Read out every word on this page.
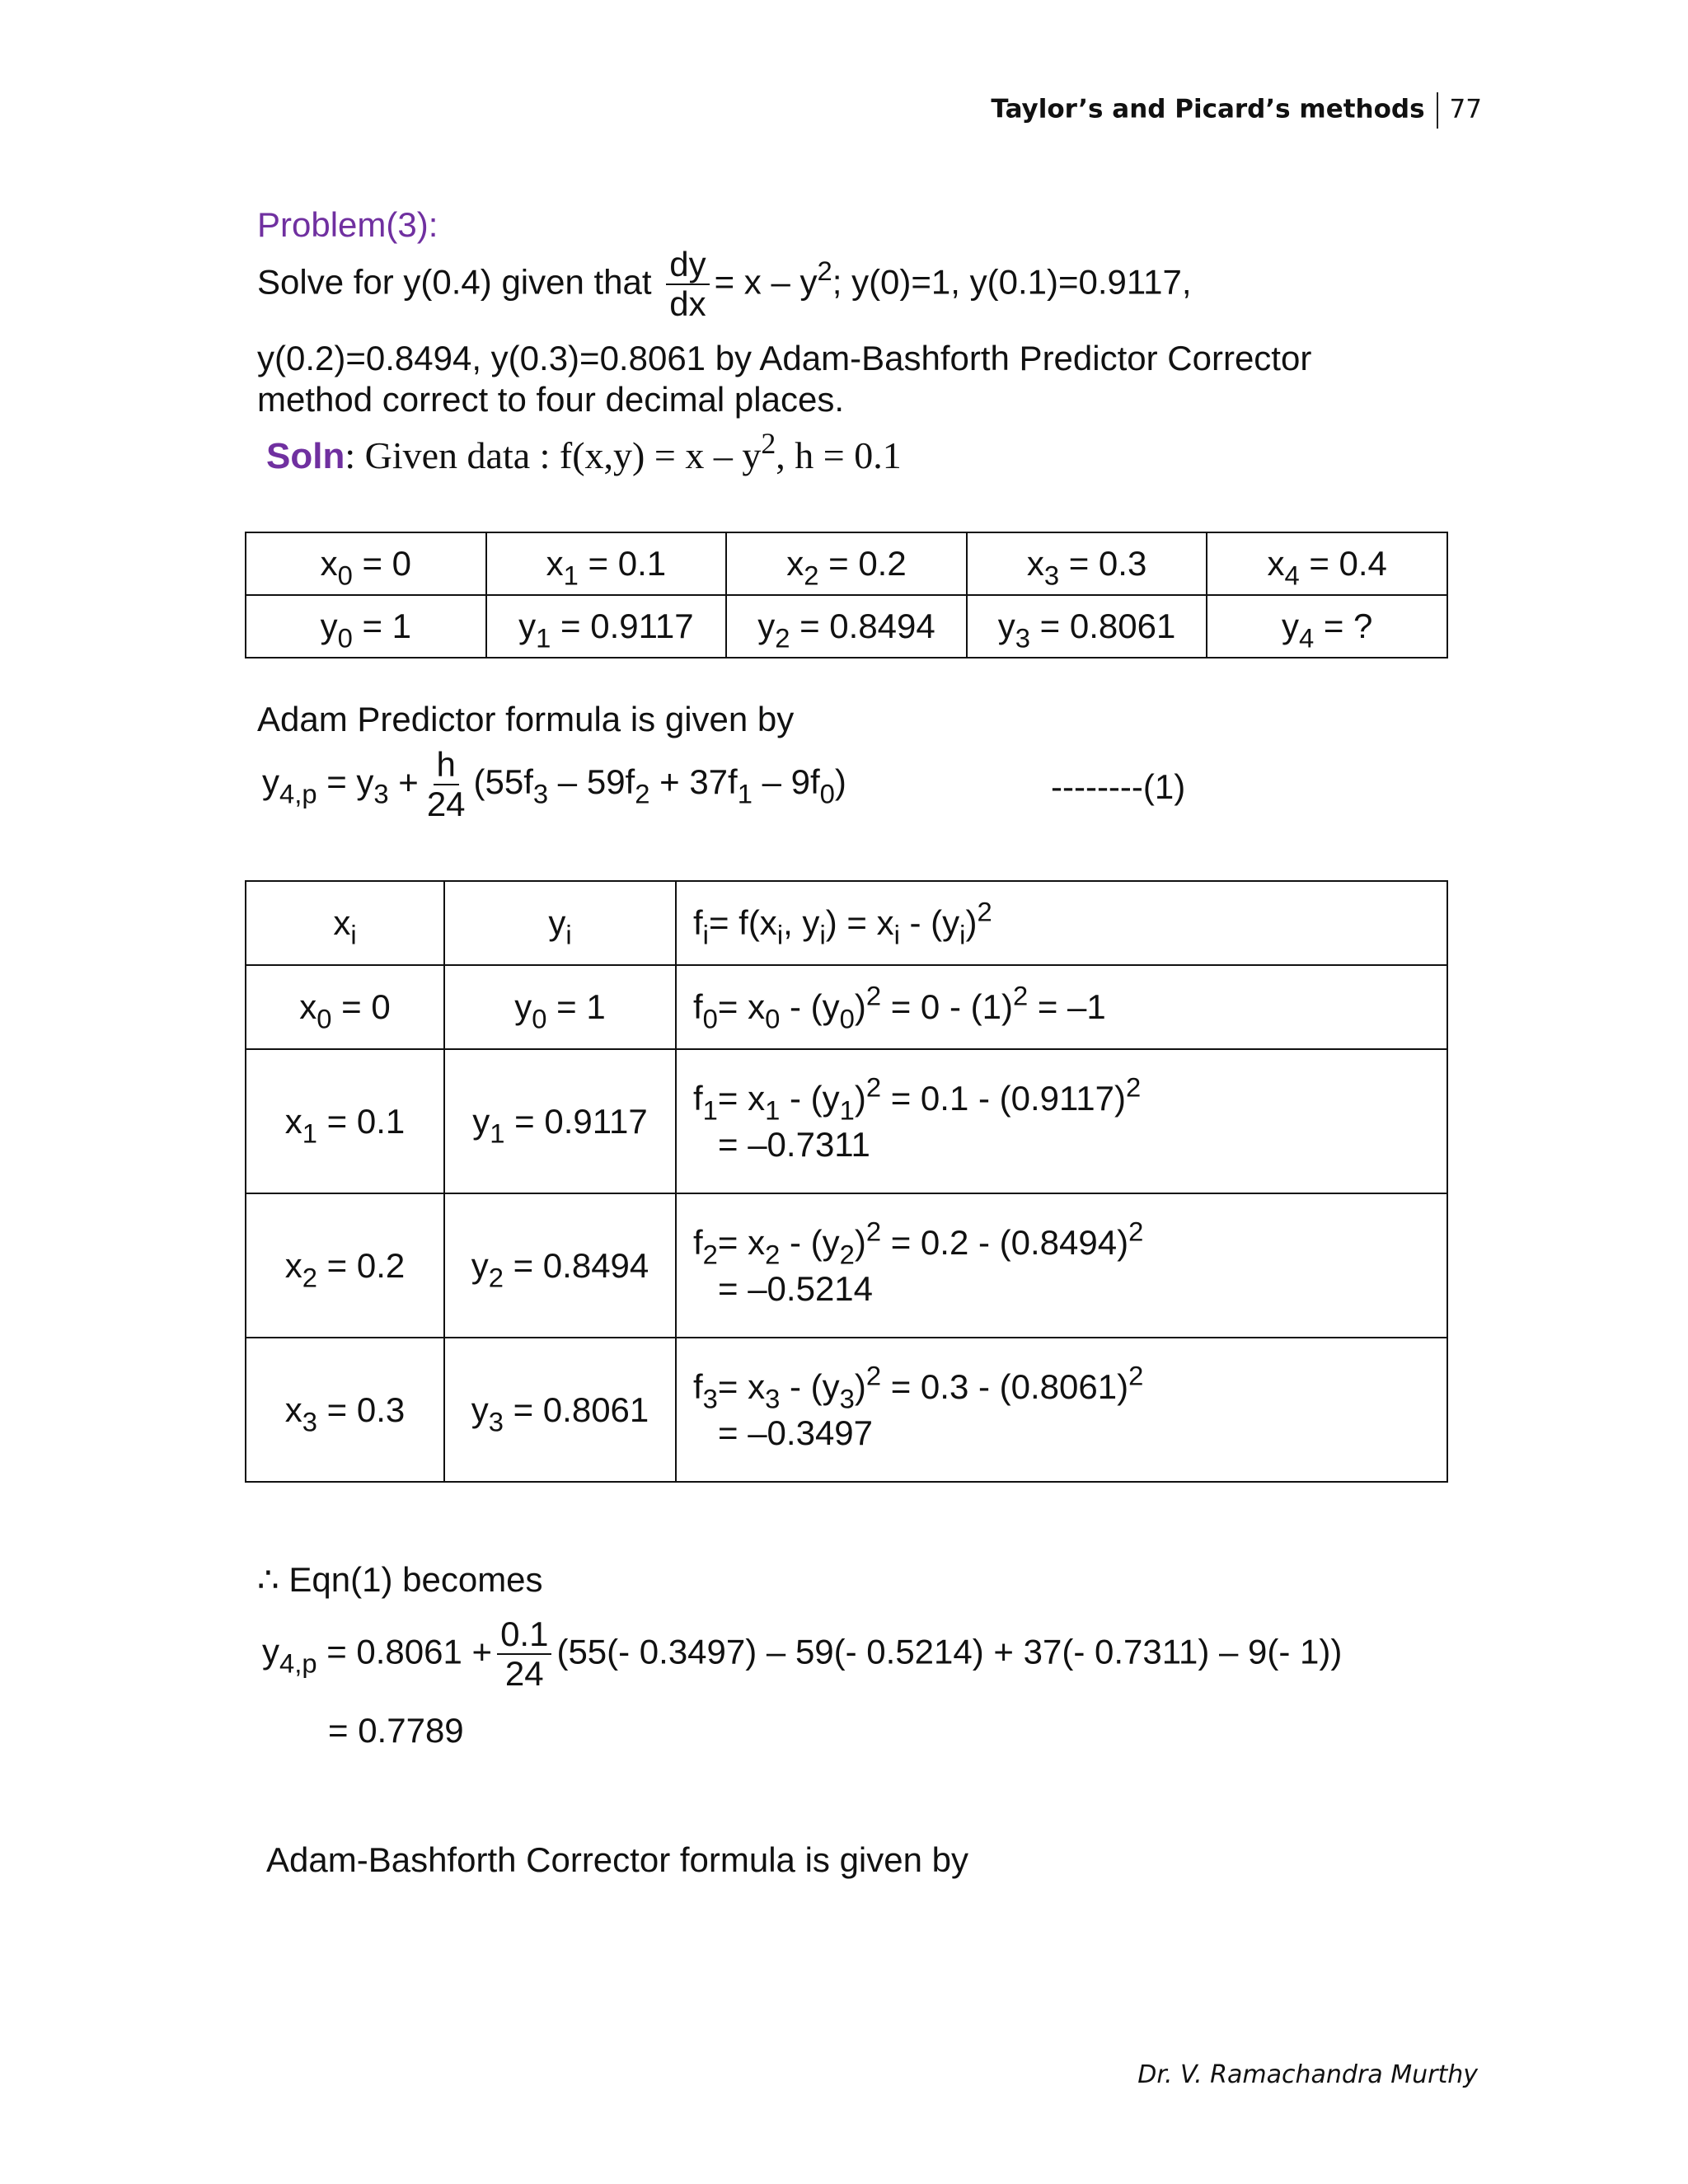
Taylor’s and Picard’s methods 77
Problem(3):
Solve for y(0.4) given that $\frac{dy}{dx} = x - y^2$; y(0)=1, y(0.1)=0.9117,
y(0.2)=0.8494, y(0.3)=0.8061 by Adam-Bashforth Predictor Corrector
method correct to four decimal places.
Soln: Given data : $f(x,y) = x - y^2$, h = 0.1
$x_0 = 0$	$x_1 = 0.1$	$x_2 = 0.2$	$x_3 = 0.3$	$x_4 = 0.4$
$y_0 = 1$	$y_1 = 0.9117$	$y_2 = 0.8494$	$y_3 = 0.8061$	$y_4$ = ?
Adam Predictor formula is given by
$y_{4,p} = y_3 + \frac{h}{24} (55f_3 - 59f_2 + 37f_1 - 9f_0)$	--------(1)
$x_i$	$y_i$	$f_i= f(x_i$, $y_i) = x_i - (y_i)^2$
$x_0 = 0$	$y_0 = 1$	$f_0= x_0 - (y_0)^2 = 0 - (1)^2 = -1$
$x_1 = 0.1$	$y_1 = 0.9117$	$f_1= x_1 - (y_1)^2 = 0.1 - (0.9117)^2$
= –0.7311

$x_2 = 0.2$	$y_2 = 0.8494$	$f_2= x_2 - (y_2)^2 = 0.2 - (0.8494)^2$
= –0.5214

$x_3 = 0.3$	$y_3 = 0.8061$	$f_3= x_3 - (y_3)^2 = 0.3 - (0.8061)^2$
= –0.3497
∴ Eqn(1) becomes
$y_{4,p} = 0.8061 + \frac{0.1}{24} (55(-$ 0.3497) – 59(- 0.5214) + 37(- 0.7311) – 9(- 1))
= 0.7789
Adam-Bashforth Corrector formula is given by
Dr. V. Ramachandra Murthy
